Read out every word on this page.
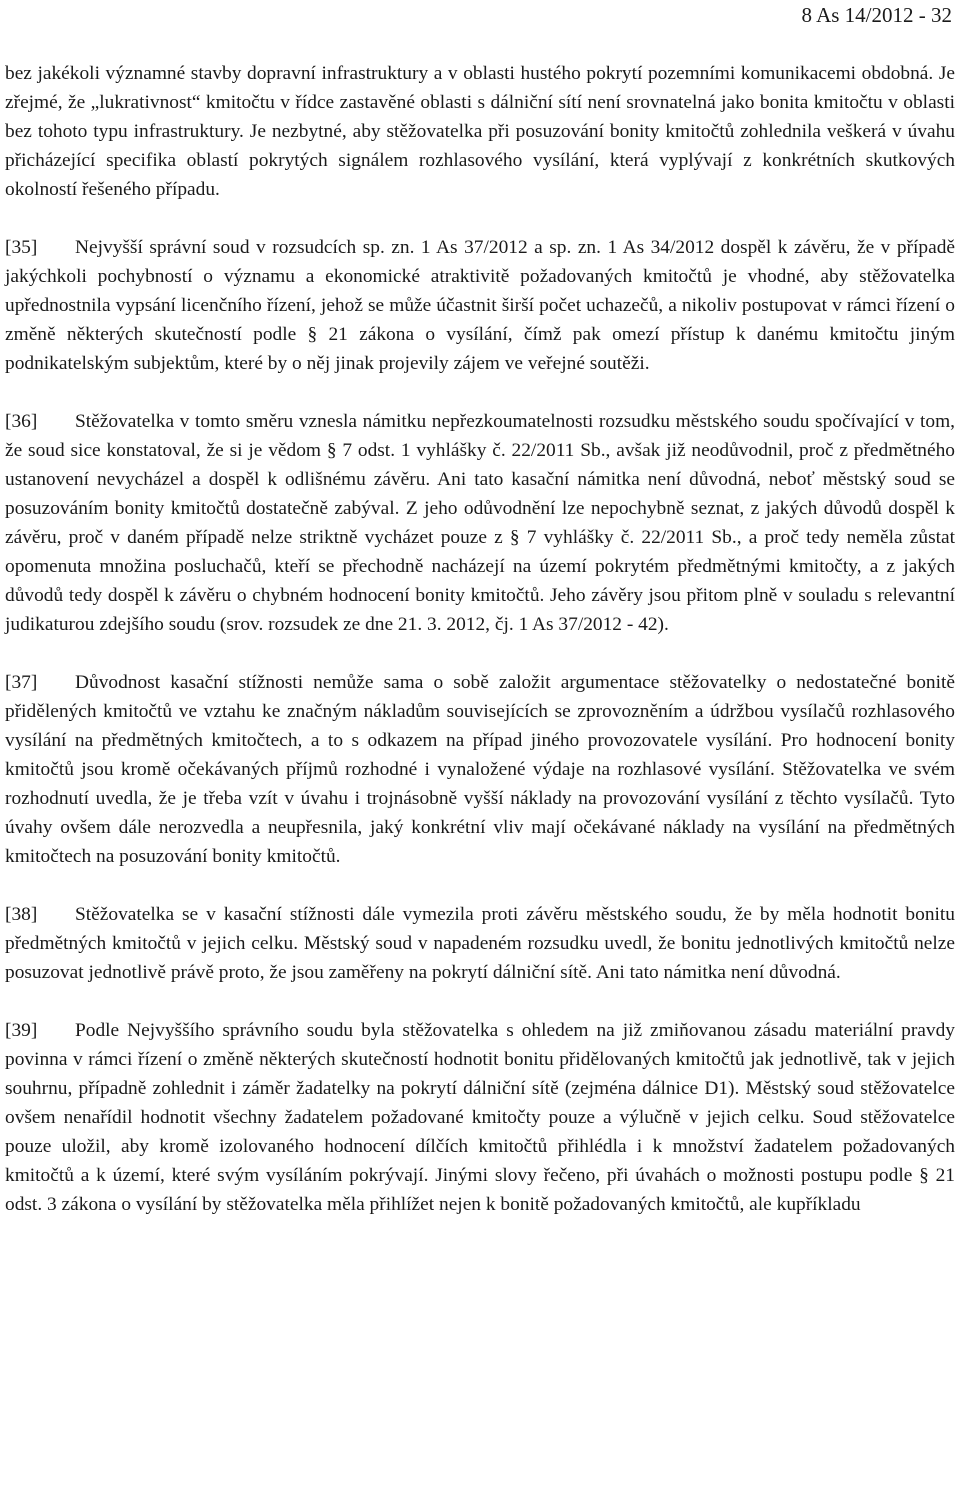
8 As 14/2012 - 32

bez jakékoli významné stavby dopravní infrastruktury a v oblasti hustého pokrytí pozemními komunikacemi obdobná. Je zřejmé, že „lukrativnost“ kmitočtu v řídce zastavěné oblasti s dálniční sítí není srovnatelná jako bonita kmitočtu v oblasti bez tohoto typu infrastruktury. Je nezbytné, aby stěžovatelka při posuzování bonity kmitočtů zohlednila veškerá v úvahu přicházející specifika oblastí pokrytých signálem rozhlasového vysílání, která vyplývají z konkrétních skutkových okolností řešeného případu.

[35] Nejvyšší správní soud v rozsudcích sp. zn. 1 As 37/2012 a sp. zn. 1 As 34/2012 dospěl k závěru, že v případě jakýchkoli pochybností o významu a ekonomické atraktivitě požadovaných kmitočtů je vhodné, aby stěžovatelka upřednostnila vypsání licenčního řízení, jehož se může účastnit širší počet uchazečů, a nikoliv postupovat v rámci řízení o změně některých skutečností podle § 21 zákona o vysílání, čímž pak omezí přístup k danému kmitočtu jiným podnikatelským subjektům, které by o něj jinak projevily zájem ve veřejné soutěži.

[36] Stěžovatelka v tomto směru vznesla námitku nepřezkoumatelnosti rozsudku městského soudu spočívající v tom, že soud sice konstatoval, že si je vědom § 7 odst. 1 vyhlášky č. 22/2011 Sb., avšak již neodůvodnil, proč z předmětného ustanovení nevycházel a dospěl k odlišnému závěru. Ani tato kasační námitka není důvodná, neboť městský soud se posuzováním bonity kmitočtů dostatečně zabýval. Z jeho odůvodnění lze nepochybně seznat, z jakých důvodů dospěl k závěru, proč v daném případě nelze striktně vycházet pouze z § 7 vyhlášky č. 22/2011 Sb., a proč tedy neměla zůstat opomenuta množina posluchačů, kteří se přechodně nacházejí na území pokrytém předmětnými kmitočty, a z jakých důvodů tedy dospěl k závěru o chybném hodnocení bonity kmitočtů. Jeho závěry jsou přitom plně v souladu s relevantní judikaturou zdejšího soudu (srov. rozsudek ze dne 21. 3. 2012, čj. 1 As 37/2012 - 42).

[37] Důvodnost kasační stížnosti nemůže sama o sobě založit argumentace stěžovatelky o nedostatečné bonitě přidělených kmitočtů ve vztahu ke značným nákladům souvisejících se zprovozněním a údržbou vysílačů rozhlasového vysílání na předmětných kmitočtech, a to s odkazem na případ jiného provozovatele vysílání. Pro hodnocení bonity kmitočtů jsou kromě očekávaných příjmů rozhodné i vynaložené výdaje na rozhlasové vysílání. Stěžovatelka ve svém rozhodnutí uvedla, že je třeba vzít v úvahu i trojnásobně vyšší náklady na provozování vysílání z těchto vysílačů. Tyto úvahy ovšem dále nerozvedla a neupřesnila, jaký konkrétní vliv mají očekávané náklady na vysílání na předmětných kmitočtech na posuzování bonity kmitočtů.

[38] Stěžovatelka se v kasační stížnosti dále vymezila proti závěru městského soudu, že by měla hodnotit bonitu předmětných kmitočtů v jejich celku. Městský soud v napadeném rozsudku uvedl, že bonitu jednotlivých kmitočtů nelze posuzovat jednotlivě právě proto, že jsou zaměřeny na pokrytí dálniční sítě. Ani tato námitka není důvodná.

[39] Podle Nejvyššího správního soudu byla stěžovatelka s ohledem na již zmiňovanou zásadu materiální pravdy povinna v rámci řízení o změně některých skutečností hodnotit bonitu přidělovaných kmitočtů jak jednotlivě, tak v jejich souhrnu, případně zohlednit i záměr žadatelky na pokrytí dálniční sítě (zejména dálnice D1). Městský soud stěžovatelce ovšem nenařídil hodnotit všechny žadatelem požadované kmitočty pouze a výlučně v jejich celku. Soud stěžovatelce pouze uložil, aby kromě izolovaného hodnocení dílčích kmitočtů přihlédla i k množství žadatelem požadovaných kmitočtů a k území, které svým vysíláním pokrývají. Jinými slovy řečeno, při úvahách o možnosti postupu podle § 21 odst. 3 zákona o vysílání by stěžovatelka měla přihlížet nejen k bonitě požadovaných kmitočtů, ale kupříkladu
